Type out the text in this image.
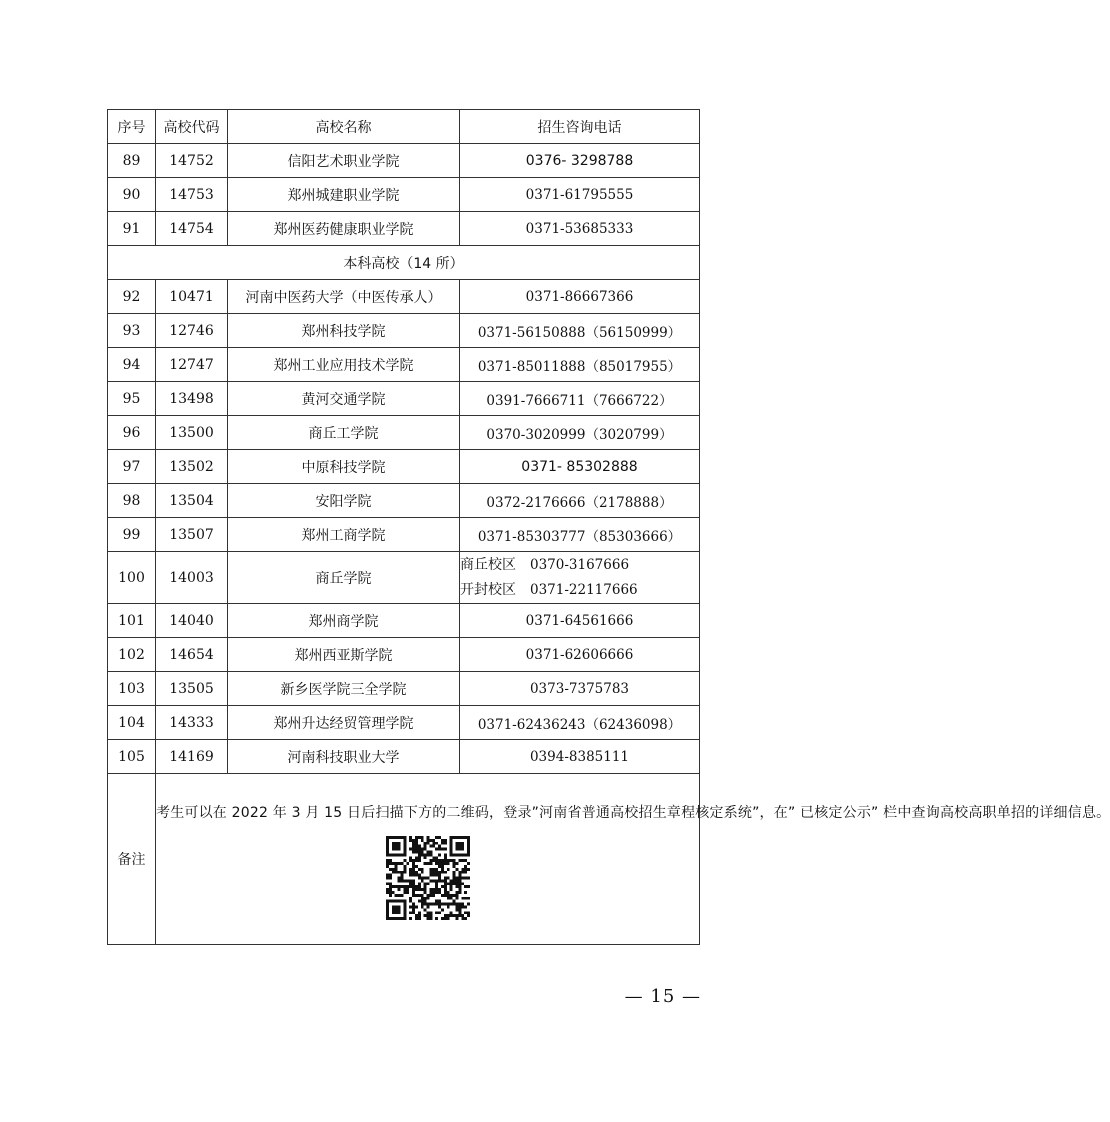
序号	高校代码	高校名称	招生咨询电话
89	14752	信阳艺术职业学院	0376- 3298788
90	14753	郑州城建职业学院	0371-61795555
91	14754	郑州医药健康职业学院	0371-53685333
本科高校（14 所）			
92	10471	河南中医药大学（中医传承人）	0371-86667366
93	12746	郑州科技学院	0371-56150888（56150999）
94	12747	郑州工业应用技术学院	0371-85011888（85017955）
95	13498	黄河交通学院	0391-7666711（7666722）
96	13500	商丘工学院	0370-3020999（3020799）
97	13502	中原科技学院	0371- 85302888
98	13504	安阳学院	0372-2176666（2178888）
99	13507	郑州工商学院	0371-85303777（85303666）
100	14003	商丘学院	商丘校区 0370-3167666
开封校区 0371-22117666

101	14040	郑州商学院	0371-64561666
102	14654	郑州西亚斯学院	0371-62606666
103	13505	新乡医学院三全学院	0373-7375783
104	14333	郑州升达经贸管理学院	0371-62436243（62436098）
105	14169	河南科技职业大学	0394-8385111
备注	考生可以在 2022 年 3 月 15 日后扫描下方的二维码，登录”河南省普通高校招生章程核定系统”，在” 已核定公示” 栏中查询高校高职单招的详细信息。		
— 15 —
